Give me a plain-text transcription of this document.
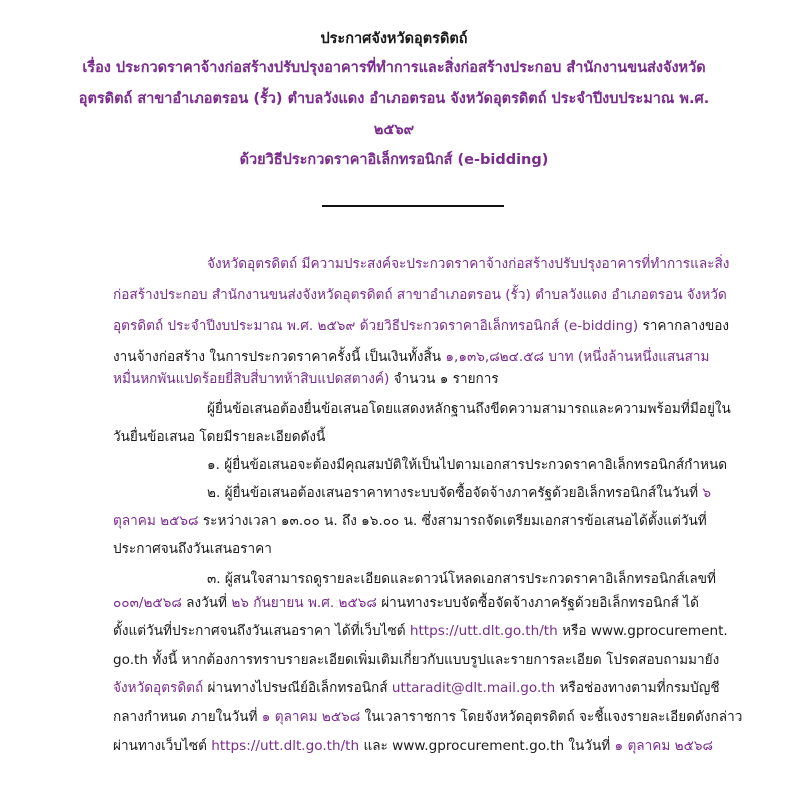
ประกาศจังหวัดอุตรดิตถ์
เรื่อง ประกวดราคาจ้างก่อสร้างปรับปรุงอาคารที่ทำการและสิ่งก่อสร้างประกอบ สำนักงานขนส่งจังหวัด
อุตรดิตถ์ สาขาอำเภอตรอน (รั้ว) ตำบลวังแดง อำเภอตรอน จังหวัดอุตรดิตถ์ ประจำปีงบประมาณ พ.ศ.
๒๕๖๙
ด้วยวิธีประกวดราคาอิเล็กทรอนิกส์ (e-bidding)
จังหวัดอุตรดิตถ์ มีความประสงค์จะประกวดราคาจ้างก่อสร้างปรับปรุงอาคารที่ทำการและสิ่ง
ก่อสร้างประกอบ สำนักงานขนส่งจังหวัดอุตรดิตถ์ สาขาอำเภอตรอน (รั้ว) ตำบลวังแดง อำเภอตรอน จังหวัด
อุตรดิตถ์ ประจำปีงบประมาณ พ.ศ. ๒๕๖๙ ด้วยวิธีประกวดราคาอิเล็กทรอนิกส์ (e-bidding) ราคากลางของ
งานจ้างก่อสร้าง ในการประกวดราคาครั้งนี้ เป็นเงินทั้งสิ้น ๑,๑๓๖,๘๒๔.๕๘ บาท (หนึ่งล้านหนึ่งแสนสาม
หมื่นหกพันแปดร้อยยี่สิบสี่บาทห้าสิบแปดสตางค์) จำนวน ๑ รายการ
ผู้ยื่นข้อเสนอต้องยื่นข้อเสนอโดยแสดงหลักฐานถึงขีดความสามารถและความพร้อมที่มีอยู่ใน
วันยื่นข้อเสนอ โดยมีรายละเอียดดังนี้
๑. ผู้ยื่นข้อเสนอจะต้องมีคุณสมบัติให้เป็นไปตามเอกสารประกวดราคาอิเล็กทรอนิกส์กำหนด
๒. ผู้ยื่นข้อเสนอต้องเสนอราคาทางระบบจัดซื้อจัดจ้างภาครัฐด้วยอิเล็กทรอนิกส์ในวันที่ ๖
ตุลาคม ๒๕๖๘ ระหว่างเวลา ๑๓.๐๐ น. ถึง ๑๖.๐๐ น. ซึ่งสามารถจัดเตรียมเอกสารข้อเสนอได้ตั้งแต่วันที่
ประกาศจนถึงวันเสนอราคา
๓. ผู้สนใจสามารถดูรายละเอียดและดาวน์โหลดเอกสารประกวดราคาอิเล็กทรอนิกส์เลขที่
๐๐๓/๒๕๖๘ ลงวันที่ ๒๖ กันยายน พ.ศ. ๒๕๖๘ ผ่านทางระบบจัดซื้อจัดจ้างภาครัฐด้วยอิเล็กทรอนิกส์ ได้
ตั้งแต่วันที่ประกาศจนถึงวันเสนอราคา ได้ที่เว็บไซต์ https://utt.dlt.go.th/th หรือ www.gprocurement.
go.th ทั้งนี้ หากต้องการทราบรายละเอียดเพิ่มเติมเกี่ยวกับแบบรูปและรายการละเอียด โปรดสอบถามมายัง
จังหวัดอุตรดิตถ์ ผ่านทางไปรษณีย์อิเล็กทรอนิกส์ uttaradit@dlt.mail.go.th หรือช่องทางตามที่กรมบัญชี
กลางกำหนด ภายในวันที่ ๑ ตุลาคม ๒๕๖๘ ในเวลาราชการ โดยจังหวัดอุตรดิตถ์ จะชี้แจงรายละเอียดดังกล่าว
ผ่านทางเว็บไซต์ https://utt.dlt.go.th/th และ www.gprocurement.go.th ในวันที่ ๑ ตุลาคม ๒๕๖๘
